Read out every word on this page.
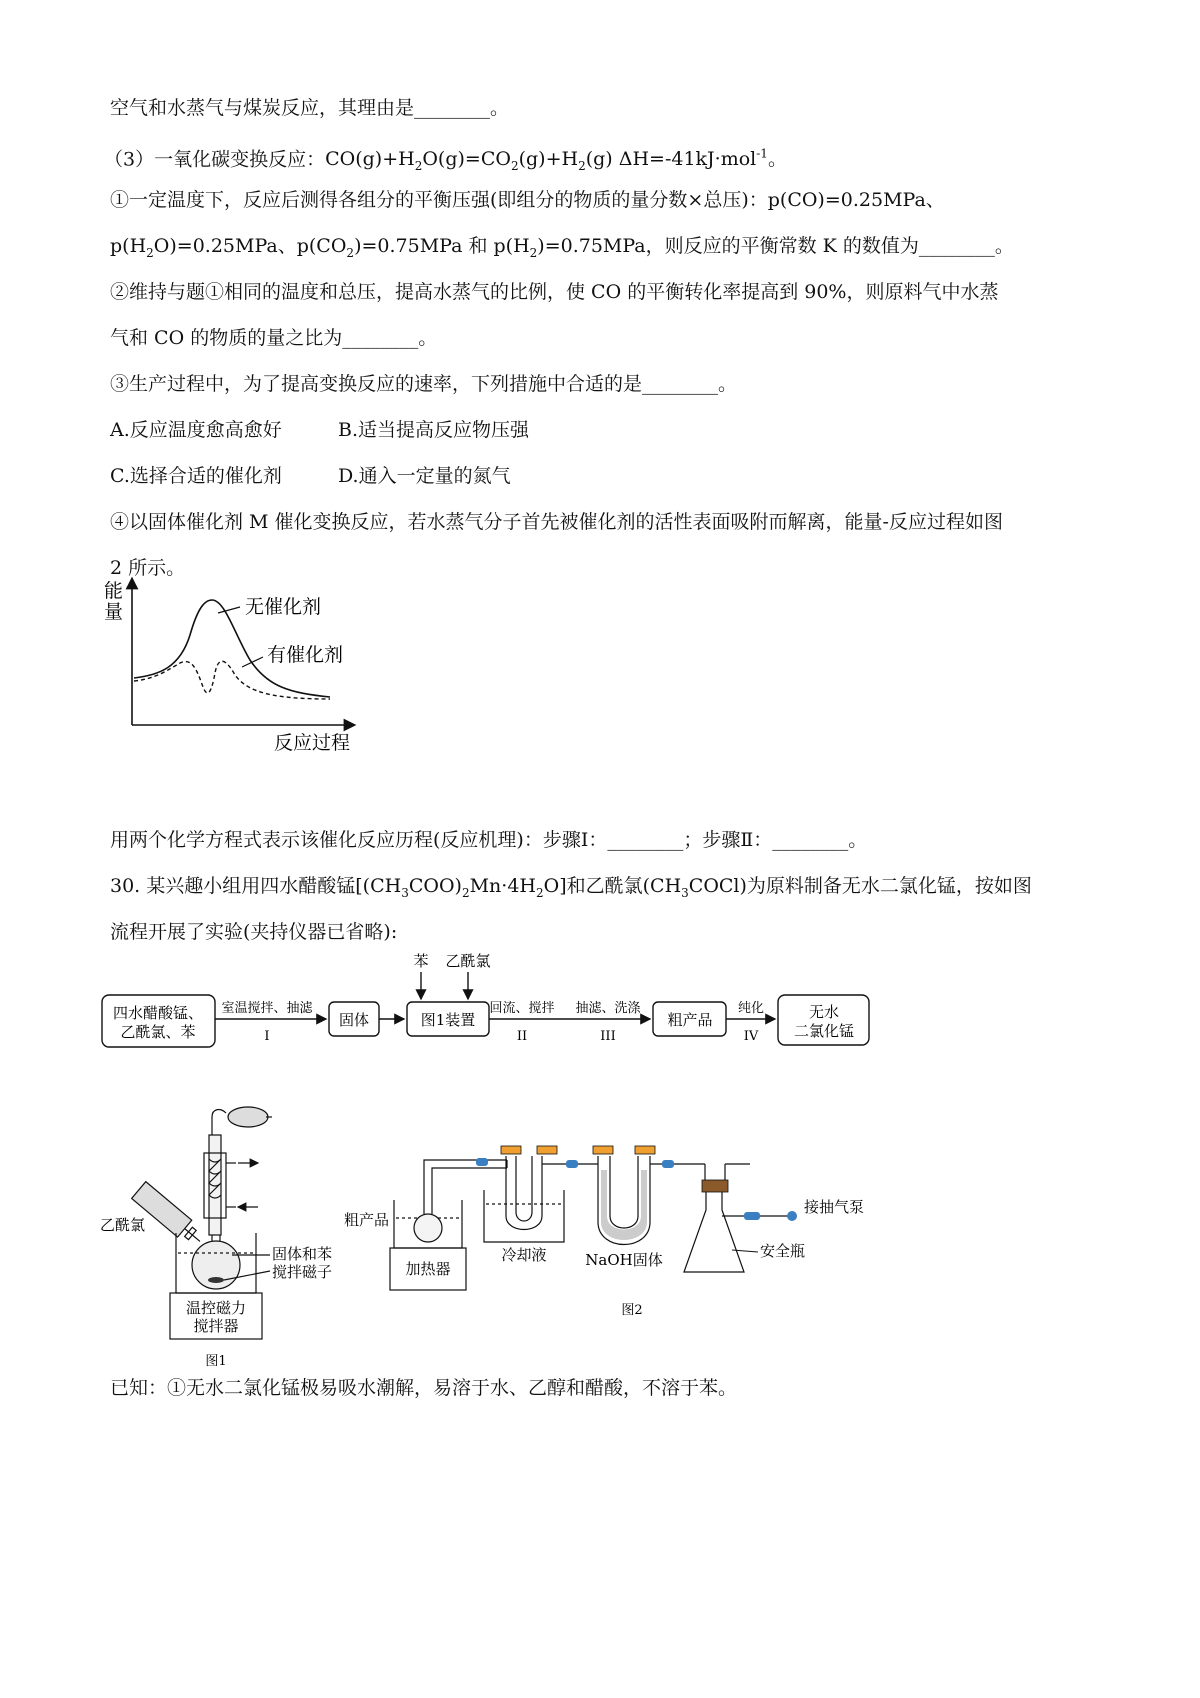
空气和水蒸气与煤炭反应，其理由是________。
（3）一氧化碳变换反应：$CO(g)+H_2O(g)=CO_2(g)+H_2(g)$ ΔH=-41kJ·mol$^{-1}$。
①一定温度下，反应后测得各组分的平衡压强(即组分的物质的量分数×总压)：p(CO)=0.25MPa、
$p(H_2O)=0.25MPa$、$p(CO_2)=0.75MPa$ 和 $p(H_2)=0.75MPa$，则反应的平衡常数 K 的数值为________。
②维持与题①相同的温度和总压，提高水蒸气的比例，使 CO 的平衡转化率提高到 90%，则原料气中水蒸
气和 CO 的物质的量之比为________。
③生产过程中，为了提高变换反应的速率，下列措施中合适的是________。
A.反应温度愈高愈好	B.适当提高反应物压强
C.选择合适的催化剂	D.通入一定量的氮气
④以固体催化剂 M 催化变换反应，若水蒸气分子首先被催化剂的活性表面吸附而解离，能量-反应过程如图
2 所示。
能
量	无催化剂
有催化剂
反应过程
用两个化学方程式表示该催化反应历程(反应机理)：步骤Ⅰ：________；步骤Ⅱ：________。
30. 某兴趣小组用四水醋酸锰$[(CH_3COO)_2Mn\cdot 4H_2O]$和乙酰氯$(CH_3COCl)$为原料制备无水二氯化锰，按如图
流程开展了实验(夹持仪器已省略):
四水醋酸锰、
乙酰氯、苯
室温搅拌、抽滤
I
固体
苯 乙酰氯
图1装置
回流、搅拌
II
抽滤、洗涤
III
粗产品
纯化
IV
无水
二氯化锰
乙酰氯
固体和苯
搅拌磁子
温控磁力
搅拌器
图1
粗产品
加热器
冷却液	NaOH固体
接抽气泵
安全瓶
图2
已知：①无水二氯化锰极易吸水潮解，易溶于水、乙醇和醋酸，不溶于苯。
